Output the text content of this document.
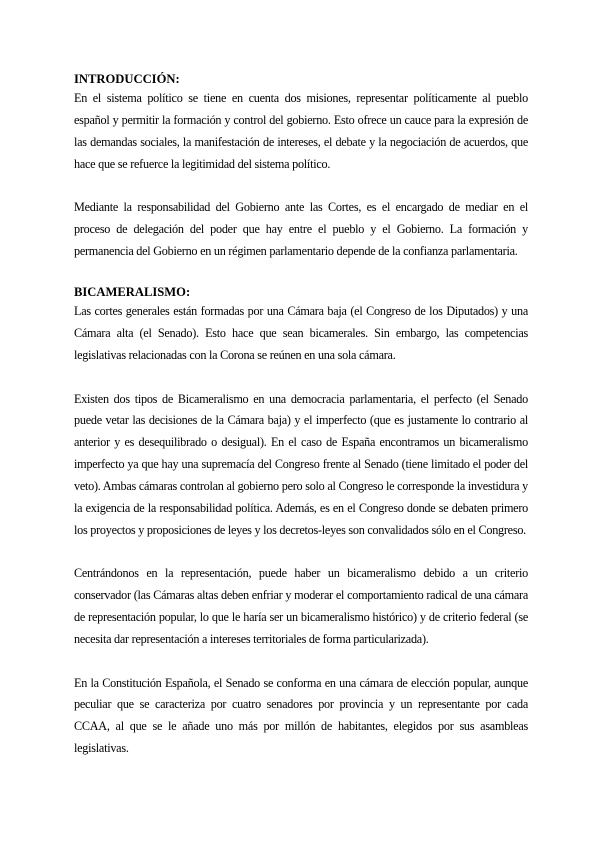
INTRODUCCIÓN:

En el sistema político se tiene en cuenta dos misiones, representar políticamente al pueblo español y permitir la formación y control del gobierno. Esto ofrece un cauce para la expresión de las demandas sociales, la manifestación de intereses, el debate y la negociación de acuerdos, que hace que se refuerce la legitimidad del sistema político.

Mediante la responsabilidad del Gobierno ante las Cortes, es el encargado de mediar en el proceso de delegación del poder que hay entre el pueblo y el Gobierno. La formación y permanencia del Gobierno en un régimen parlamentario depende de la confianza parlamentaria.

BICAMERALISMO:

Las cortes generales están formadas por una Cámara baja (el Congreso de los Diputados) y una Cámara alta (el Senado). Esto hace que sean bicamerales. Sin embargo, las competencias legislativas relacionadas con la Corona se reúnen en una sola cámara.

Existen dos tipos de Bicameralismo en una democracia parlamentaria, el perfecto (el Senado puede vetar las decisiones de la Cámara baja) y el imperfecto (que es justamente lo contrario al anterior y es desequilibrado o desigual). En el caso de España encontramos un bicameralismo imperfecto ya que hay una supremacía del Congreso frente al Senado (tiene limitado el poder del veto). Ambas cámaras controlan al gobierno pero solo al Congreso le corresponde la investidura y la exigencia de la responsabilidad política. Además, es en el Congreso donde se debaten primero los proyectos y proposiciones de leyes y los decretos-leyes son convalidados sólo en el Congreso.

Centrándonos en la representación, puede haber un bicameralismo debido a un criterio conservador (las Cámaras altas deben enfriar y moderar el comportamiento radical de una cámara de representación popular, lo que le haría ser un bicameralismo histórico) y de criterio federal (se necesita dar representación a intereses territoriales de forma particularizada).

En la Constitución Española, el Senado se conforma en una cámara de elección popular, aunque peculiar que se caracteriza por cuatro senadores por provincia y un representante por cada CCAA, al que se le añade uno más por millón de habitantes, elegidos por sus asambleas legislativas.
